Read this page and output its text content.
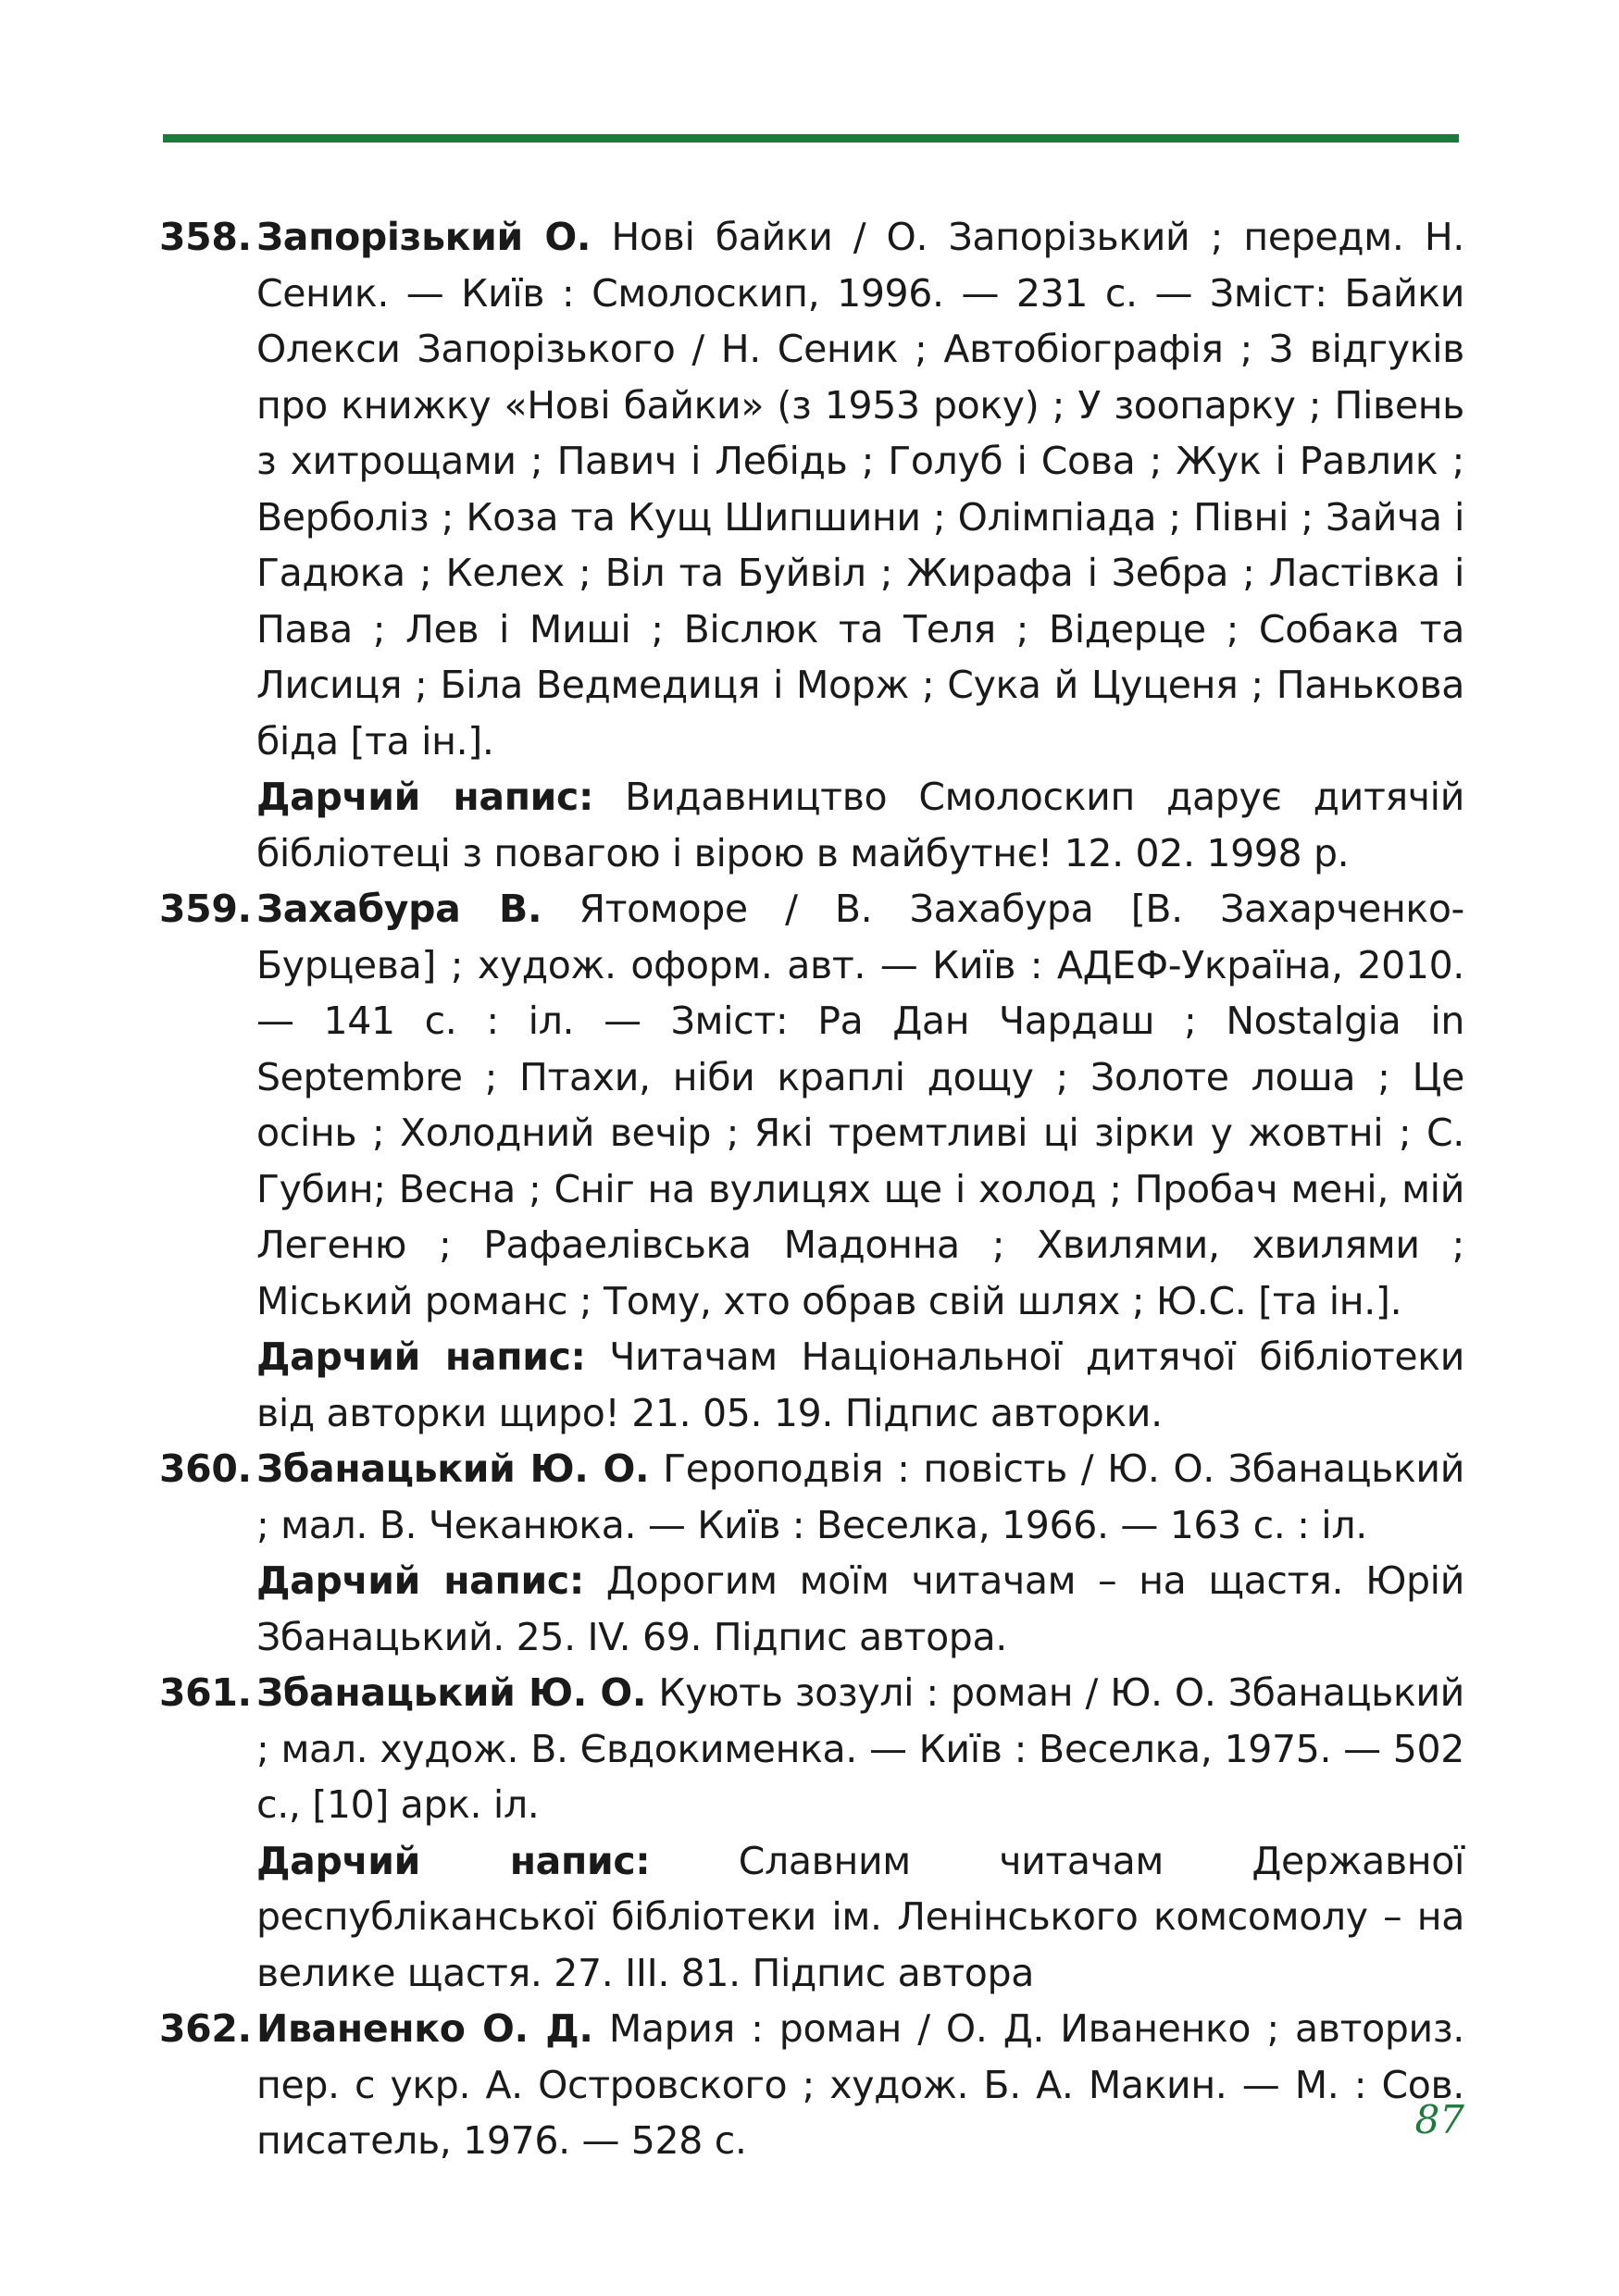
358. Запорізький О. Нові байки / О. Запорізький ; передм. Н. Сеник. — Київ : Смолоскип, 1996. — 231 с. — Зміст: Байки Олекси Запорізького / Н. Сеник ; Автобіографія ; З відгуків про книжку «Нові байки» (з 1953 року) ; У зоопарку ; Півень з хитрощами ; Павич і Лебідь ; Голуб і Сова ; Жук і Равлик ; Верболіз ; Коза та Кущ Шипшини ; Олімпіада ; Півні ; Зайча і Гадюка ; Келех ; Віл та Буйвіл ; Жирафа і Зебра ; Ластівка і Пава ; Лев і Миші ; Віслюк та Теля ; Відерце ; Собака та Лисиця ; Біла Ведмедиця і Морж ; Сука й Цуценя ; Панькова біда [та ін.].
Дарчий напис: Видавництво Смолоскип дарує дитячій бібліотеці з повагою і вірою в майбутнє! 12. 02. 1998 р.
359. Захабура В. Ятоморе / В. Захабура [В. Захарченко-Бурцева] ; худож. оформ. авт. — Київ : АДЕФ-Україна, 2010. — 141 с. : іл. — Зміст: Ра Дан Чардаш ; Nostalgia in Septembre ; Птахи, ніби краплі дощу ; Золоте лоша ; Це осінь ; Холодний вечір ; Які тремтливі ці зірки у жовтні ; С. Губин; Весна ; Сніг на вулицях ще і холод ; Пробач мені, мій Легеню ; Рафаелівська Мадонна ; Хвилями, хвилями ; Міський романс ; Тому, хто обрав свій шлях ; Ю.С. [та ін.].
Дарчий напис: Читачам Національної дитячої бібліотеки від авторки щиро! 21. 05. 19. Підпис авторки.
360. Збанацький Ю. О. Героподвія : повість / Ю. О. Збанацький ; мал. В. Чеканюка. — Київ : Веселка, 1966. — 163 с. : іл.
Дарчий напис: Дорогим моїм читачам – на щастя. Юрій Збанацький. 25. IV. 69. Підпис автора.
361. Збанацький Ю. О. Кують зозулі : роман / Ю. О. Збанацький ; мал. худож. В. Євдокименка. — Київ : Веселка, 1975. — 502 с., [10] арк. іл.
Дарчий напис: Славним читачам Державної республіканської бібліотеки ім. Ленінського комсомолу – на велике щастя. 27. III. 81. Підпис автора
362. Иваненко О. Д. Мария : роман / О. Д. Иваненко ; авториз. пер. с укр. А. Островского ; худож. Б. А. Макин. — М. : Сов. писатель, 1976. — 528 с.	87
